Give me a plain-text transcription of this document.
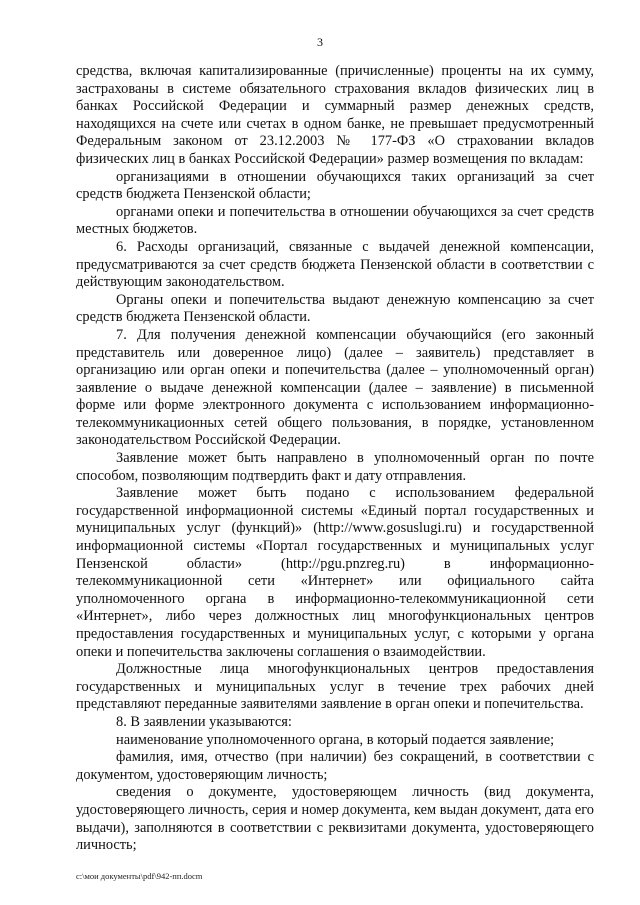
3

средства, включая капитализированные (причисленные) проценты на их сумму, застрахованы в системе обязательного страхования вкладов физических лиц в банках Российской Федерации и суммарный размер денежных средств, находящихся на счете или счетах в одном банке, не превышает предусмотренный Федеральным законом от 23.12.2003 № 177-ФЗ «О страховании вкладов физических лиц в банках Российской Федерации» размер возмещения по вкладам:

организациями в отношении обучающихся таких организаций за счет средств бюджета Пензенской области;

органами опеки и попечительства в отношении обучающихся за счет средств местных бюджетов.

6. Расходы организаций, связанные с выдачей денежной компенсации, предусматриваются за счет средств бюджета Пензенской области в соответствии с действующим законодательством.

Органы опеки и попечительства выдают денежную компенсацию за счет средств бюджета Пензенской области.

7. Для получения денежной компенсации обучающийся (его законный представитель или доверенное лицо) (далее – заявитель) представляет в организацию или орган опеки и попечительства (далее – уполномоченный орган) заявление о выдаче денежной компенсации (далее – заявление) в письменной форме или форме электронного документа с использованием информационно-телекоммуникационных сетей общего пользования, в порядке, установленном законодательством Российской Федерации.

Заявление может быть направлено в уполномоченный орган по почте способом, позволяющим подтвердить факт и дату отправления.

Заявление может быть подано с использованием федеральной государственной информационной системы «Единый портал государственных и муниципальных услуг (функций)» (http://www.gosuslugi.ru) и государственной информационной системы «Портал государственных и муниципальных услуг Пензенской области» (http://pgu.pnzreg.ru) в информационно-телекоммуникационной сети «Интернет» или официального сайта уполномоченного органа в информационно-телекоммуникационной сети «Интернет», либо через должностных лиц многофункциональных центров предоставления государственных и муниципальных услуг, с которыми у органа опеки и попечительства заключены соглашения о взаимодействии.

Должностные лица многофункциональных центров предоставления государственных и муниципальных услуг в течение трех рабочих дней представляют переданные заявителями заявление в орган опеки и попечительства.

8. В заявлении указываются:

наименование уполномоченного органа, в который подается заявление;

фамилия, имя, отчество (при наличии) без сокращений, в соответствии с документом, удостоверяющим личность;

сведения о документе, удостоверяющем личность (вид документа, удостоверяющего личность, серия и номер документа, кем выдан документ, дата его выдачи), заполняются в соответствии с реквизитами документа, удостоверяющего личность;

c:\мои документы\pdf\942-пп.docm
